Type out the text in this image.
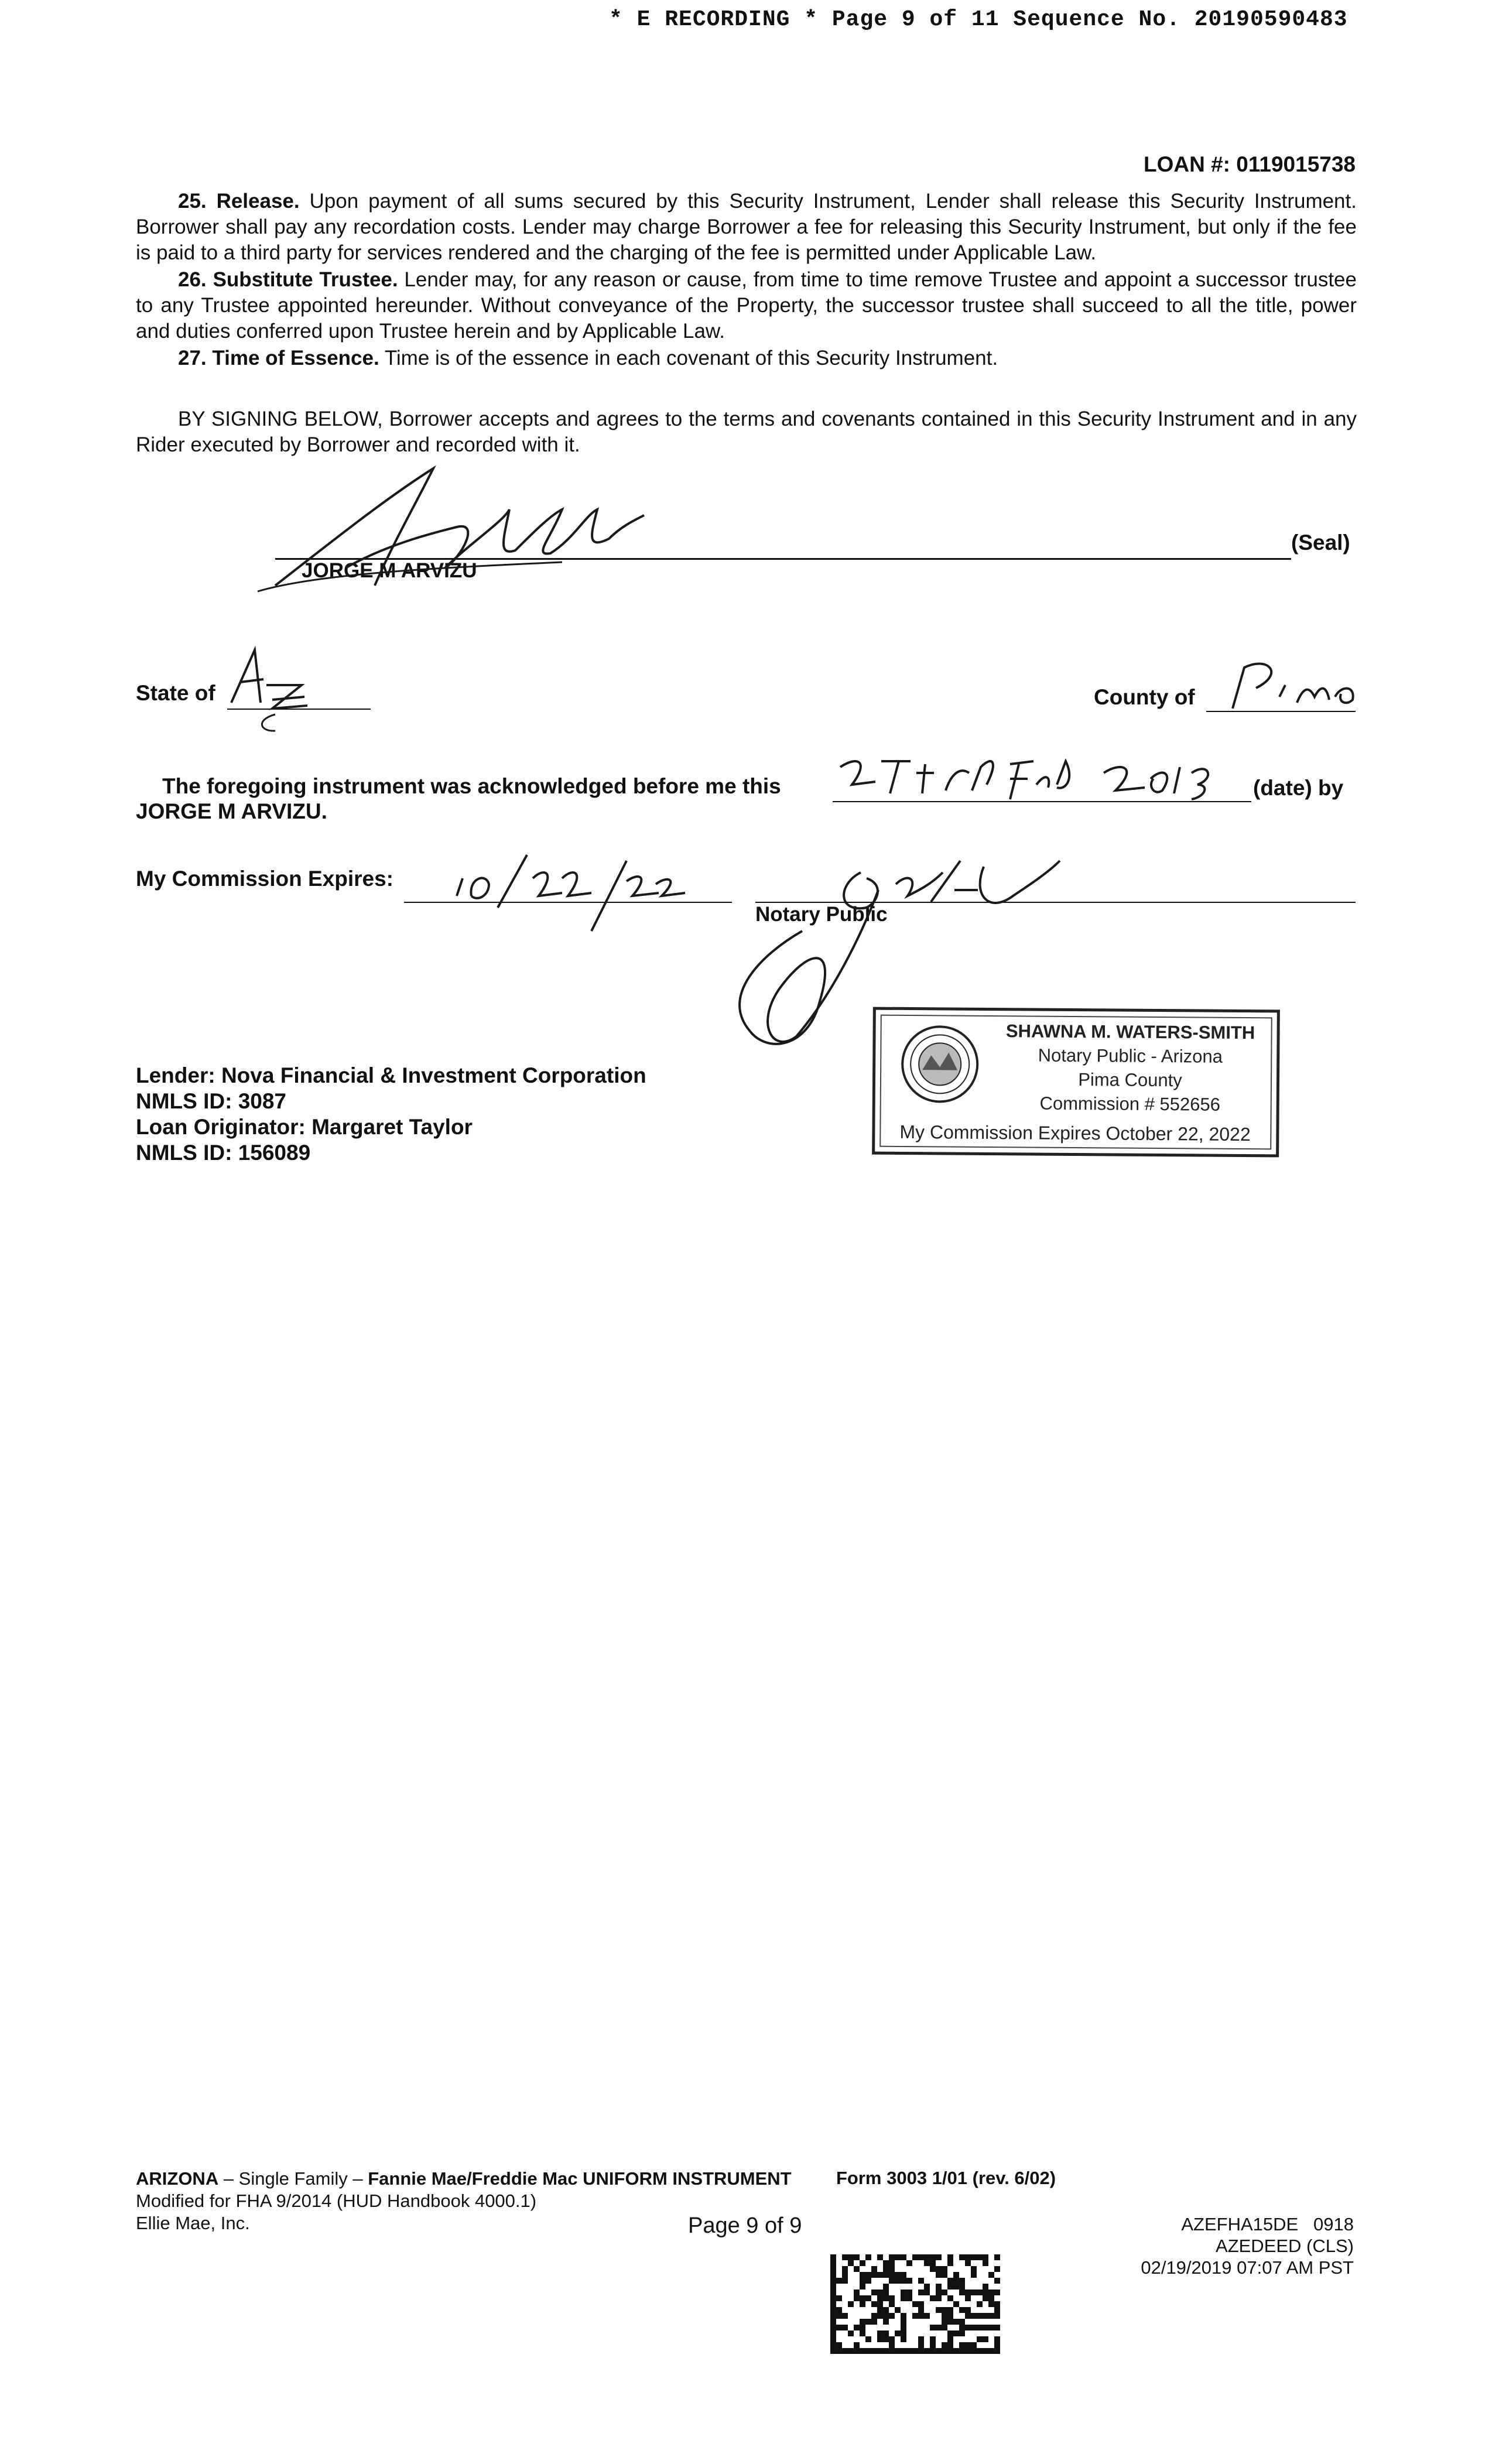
* E RECORDING * Page 9 of 11 Sequence No. 20190590483
LOAN #: 0119015738
25. Release. Upon payment of all sums secured by this Security Instrument, Lender shall release this Security Instrument. Borrower shall pay any recordation costs. Lender may charge Borrower a fee for releasing this Security Instrument, but only if the fee is paid to a third party for services rendered and the charging of the fee is permitted under Applicable Law.
26. Substitute Trustee. Lender may, for any reason or cause, from time to time remove Trustee and appoint a successor trustee to any Trustee appointed hereunder. Without conveyance of the Property, the successor trustee shall succeed to all the title, power and duties conferred upon Trustee herein and by Applicable Law.
27. Time of Essence. Time is of the essence in each covenant of this Security Instrument.
BY SIGNING BELOW, Borrower accepts and agrees to the terms and covenants contained in this Security Instrument and in any Rider executed by Borrower and recorded with it.
(Seal)
JORGE M ARVIZU
State of	County of
The foregoing instrument was acknowledged before me this	(date) by
JORGE M ARVIZU.
My Commission Expires:
Notary Public
SHAWNA M. WATERS-SMITH
Notary Public - Arizona
Pima County
Commission # 552656
My Commission Expires October 22, 2022
Lender: Nova Financial & Investment Corporation
NMLS ID: 3087
Loan Originator: Margaret Taylor
NMLS ID: 156089
ARIZONA – Single Family – Fannie Mae/Freddie Mac UNIFORM INSTRUMENT
Modified for FHA 9/2014 (HUD Handbook 4000.1)
Ellie Mae, Inc.
Form 3003 1/01 (rev. 6/02)
Page 9 of 9	AZEFHA15DE   0918
AZEDEED (CLS)
02/19/2019 07:07 AM PST
